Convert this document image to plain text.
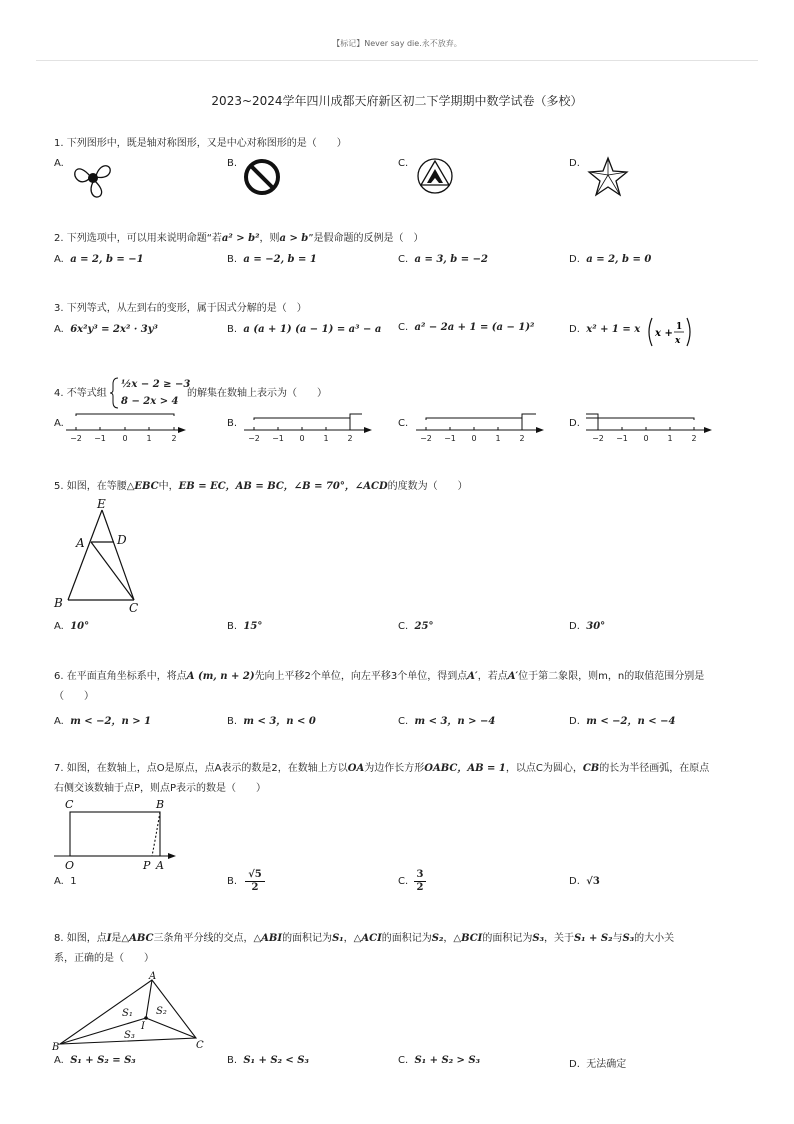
【标记】Never say die.永不放弃。
2023~2024学年四川成都天府新区初二下学期期中数学试卷（多校）
1. 下列图形中，既是轴对称图形，又是中心对称图形的是（　　）
A.	B.	C.	D.
2. 下列选项中，可以用来说明命题“若a² > b²，则a > b”是假命题的反例是（　）
A. a = 2, b = −1	B. a = −2, b = 1	C. a = 3, b = −2	D. a = 2, b = 0
3. 下列等式，从左到右的变形，属于因式分解的是（　）
A. 6x²y³ = 2x² · 3y³	B. a (a + 1) (a − 1) = a³ − a C. a² − 2a + 1 = (a − 1)²	D. x² + 1 = x x +
1
x
4. 不等式组
½x − 2 ≥ −3
8 − 2x > 4
的解集在数轴上表示为（　　）
A.	B.	C.	D.
−2 −1 0 1 2	−2 −1 0 1 2	−2 −1 0 1 2	−2 −1 0 1 2
5. 如图，在等腰△EBC中，EB = EC，AB = BC，∠B = 70°，∠ACD的度数为（　　）
E
A	D
B	C
A. 10°	B. 15°	C. 25°	D. 30°
6. 在平面直角坐标系中，将点A (m, n + 2)先向上平移2个单位，向左平移3个单位，得到点A′，若点A′位于第二象限，则m，n的取值范围分别是
（　　）
A. m < −2，n > 1	B. m < 3，n < 0	C. m < 3，n > −4	D. m < −2，n < −4
7. 如图，在数轴上，点O是原点，点A表示的数是2，在数轴上方以OA为边作长方形OABC，AB = 1，以点C为圆心，CB的长为半径画弧，在原点
右侧交该数轴于点P，则点P表示的数是（　　）
C	B
O	P A
A. 1	B.
√5
2
C.
3
2
D. √3
8. 如图，点I是△ABC三条角平分线的交点，△ABI的面积记为S₁，△ACI的面积记为S₂，△BCI的面积记为S₃，关于S₁ + S₂与S₃的大小关
系，正确的是（　　）
A
S₁ S₂
I
S₃
B	C
A. S₁ + S₂ = S₃	B. S₁ + S₂ < S₃	C. S₁ + S₂ > S₃	D. 无法确定
